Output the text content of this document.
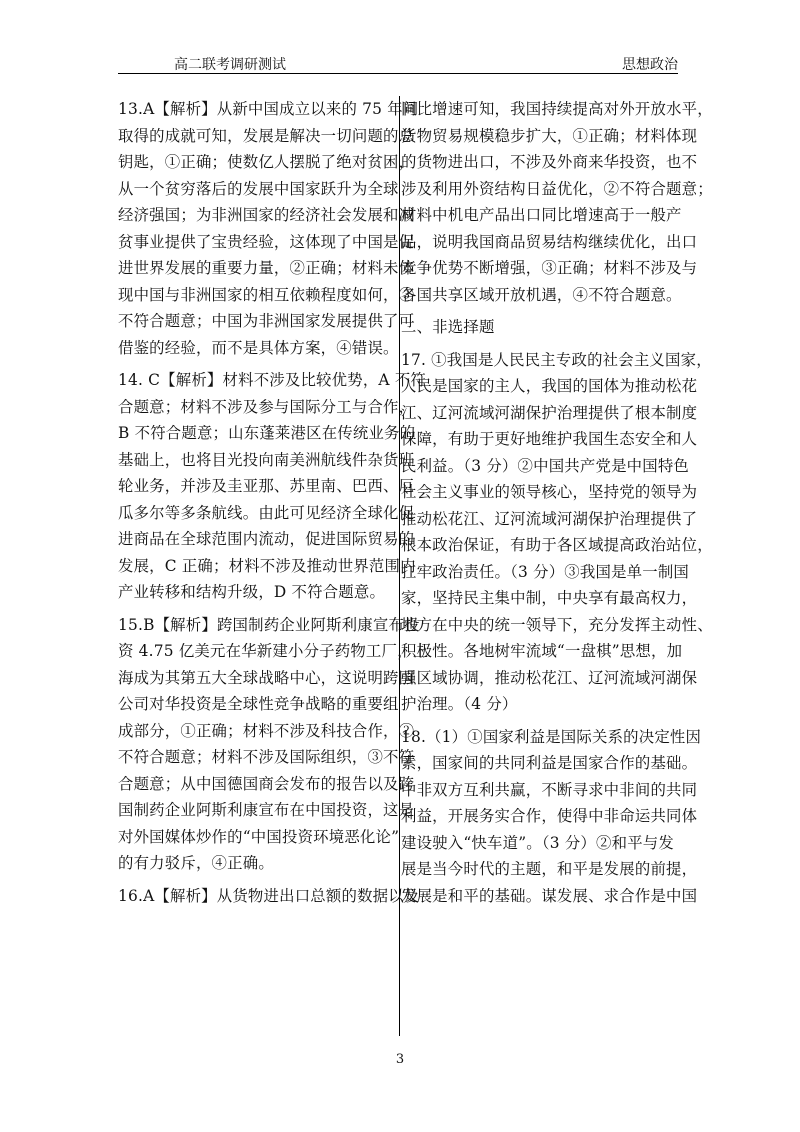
高二联考调研测试	思想政治
13.A【解析】从新中国成立以来的 75 年间
取得的成就可知，发展是解决一切问题的总
钥匙，①正确；使数亿人摆脱了绝对贫困，
从一个贫穷落后的发展中国家跃升为全球
经济强国；为非洲国家的经济社会发展和减
贫事业提供了宝贵经验，这体现了中国是促
进世界发展的重要力量，②正确；材料未体
现中国与非洲国家的相互依赖程度如何，③
不符合题意；中国为非洲国家发展提供了可
借鉴的经验，而不是具体方案，④错误。
14. C【解析】材料不涉及比较优势，A 不符
合题意；材料不涉及参与国际分工与合作，
B 不符合题意；山东蓬莱港区在传统业务的
基础上，也将目光投向南美洲航线件杂货班
轮业务，并涉及圭亚那、苏里南、巴西、厄
瓜多尔等多条航线。由此可见经济全球化促
进商品在全球范围内流动，促进国际贸易的
发展，C 正确；材料不涉及推动世界范围内
产业转移和结构升级，D 不符合题意。
15.B【解析】跨国制药企业阿斯利康宣布投
资 4.75 亿美元在华新建小分子药物工厂，上
海成为其第五大全球战略中心，这说明跨国
公司对华投资是全球性竞争战略的重要组
成部分，①正确；材料不涉及科技合作，②
不符合题意；材料不涉及国际组织，③不符
合题意；从中国德国商会发布的报告以及跨
国制药企业阿斯利康宣布在中国投资，这是
对外国媒体炒作的“中国投资环境恶化论”
的有力驳斥，④正确。
16.A【解析】从货物进出口总额的数据以及
同比增速可知，我国持续提高对外开放水平，
货物贸易规模稳步扩大，①正确；材料体现
的货物进出口，不涉及外商来华投资，也不
涉及利用外资结构日益优化，②不符合题意；
材料中机电产品出口同比增速高于一般产
品，说明我国商品贸易结构继续优化，出口
竞争优势不断增强，③正确；材料不涉及与
各国共享区域开放机遇，④不符合题意。
二、非选择题
17. ①我国是人民民主专政的社会主义国家，
人民是国家的主人，我国的国体为推动松花
江、辽河流域河湖保护治理提供了根本制度
保障，有助于更好地维护我国生态安全和人
民利益。（3 分）②中国共产党是中国特色
社会主义事业的领导核心，坚持党的领导为
推动松花江、辽河流域河湖保护治理提供了
根本政治保证，有助于各区域提高政治站位，
扛牢政治责任。（3 分）③我国是单一制国
家，坚持民主集中制，中央享有最高权力，
地方在中央的统一领导下，充分发挥主动性、
积极性。各地树牢流域“一盘棋”思想，加
强区域协调，推动松花江、辽河流域河湖保
护治理。（4 分）
18.（1）①国家利益是国际关系的决定性因
素，国家间的共同利益是国家合作的基础。
中非双方互利共赢，不断寻求中非间的共同
利益，开展务实合作，使得中非命运共同体
建设驶入“快车道”。（3 分）②和平与发
展是当今时代的主题，和平是发展的前提，
发展是和平的基础。谋发展、求合作是中国
3
